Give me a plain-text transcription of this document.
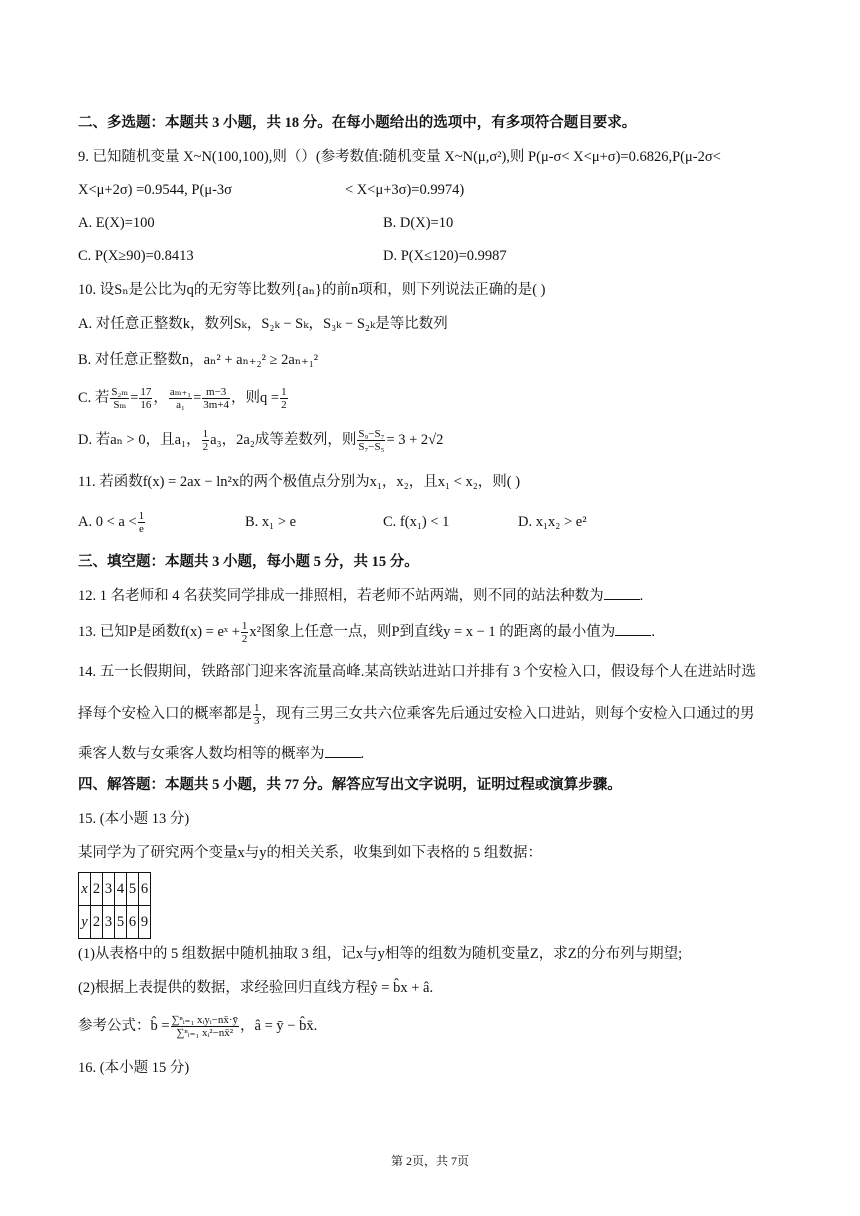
二、多选题：本题共 3 小题，共 18 分。在每小题给出的选项中，有多项符合题目要求。
9. 已知随机变量 X~N(100,100),则（）(参考数值:随机变量 X~N(μ,σ²),则 P(μ-σ< X<μ+σ)=0.6826,P(μ-2σ<
X<μ+2σ) =0.9544, P(μ-3σ	< X<μ+3σ)=0.9974)
A. E(X)=100	B. D(X)=10
C. P(X≥90)=0.8413	D. P(X≤120)=0.9987
10. 设Sₙ是公比为q的无穷等比数列{aₙ}的前n项和，则下列说法正确的是( )
A. 对任意正整数k，数列Sₖ，S₂ₖ − Sₖ，S₃ₖ − S₂ₖ是等比数列
B. 对任意正整数n，aₙ² + aₙ₊₂² ≥ 2aₙ₊₁²
C. 若 $\frac{\text{S₂ₘ}}{\text{Sₘ}} = \frac{17}{16}$ ， $\frac{\text{aₘ₊₁}}{\text{a₁}} = \frac{m-3}{3m+4}$ ，则$q = \frac{1}{2}$
D. 若aₙ > 0，且a₁， $\frac{1}{2} a_3$，2a₂成等差数列，则 $\frac{\text{S₉−S₇}}{\text{S₇−S₅}} = 3 + 2√2$
11. 若函数f(x) = 2ax − ln²x的两个极值点分别为x₁，x₂，且x₁ < x₂，则( )
A. $0 < a < \frac{1}{e}$	B. x₁ > e	C. f(x₁) < 1	D. x₁x₂ > e²
三、填空题：本题共 3 小题，每小题 5 分，共 15 分。
12. 1 名老师和 4 名获奖同学排成一排照相，若老师不站两端，则不同的站法种数为 .
13. 已知P是函数f(x) = eˣ + $\frac{1}{2} x^2$图象上任意一点，则P到直线y = x − 1 的距离的最小值为 .
14. 五一长假期间，铁路部门迎来客流量高峰.某高铁站进站口并排有 3 个安检入口，假设每个人在进站时选
择每个安检入口的概率都是 $\frac{1}{3}$ ，现有三男三女共六位乘客先后通过安检入口进站，则每个安检入口通过的男
乘客人数与女乘客人数均相等的概率为 .
四、解答题：本题共 5 小题，共 77 分。解答应写出文字说明，证明过程或演算步骤。
15. (本小题 13 分)
某同学为了研究两个变量x与y的相关关系，收集到如下表格的 5 组数据：
x	2	3	4	5	6
y	2	3	5	6	9
(1)从表格中的 5 组数据中随机抽取 3 组，记x与y相等的组数为随机变量Z，求Z的分布列与期望;
(2)根据上表提供的数据，求经验回归直线方程ŷ = b̂x + â.
参考公式：b̂ = $\frac{\text{∑ⁿᵢ₌₁ xᵢyᵢ−nx̄·ȳ}}{\text{∑ⁿᵢ₌₁ xᵢ²−nx̄²}}$ ，â = ȳ − b̂x̄.
16. (本小题 15 分)
第 2页，共 7页
